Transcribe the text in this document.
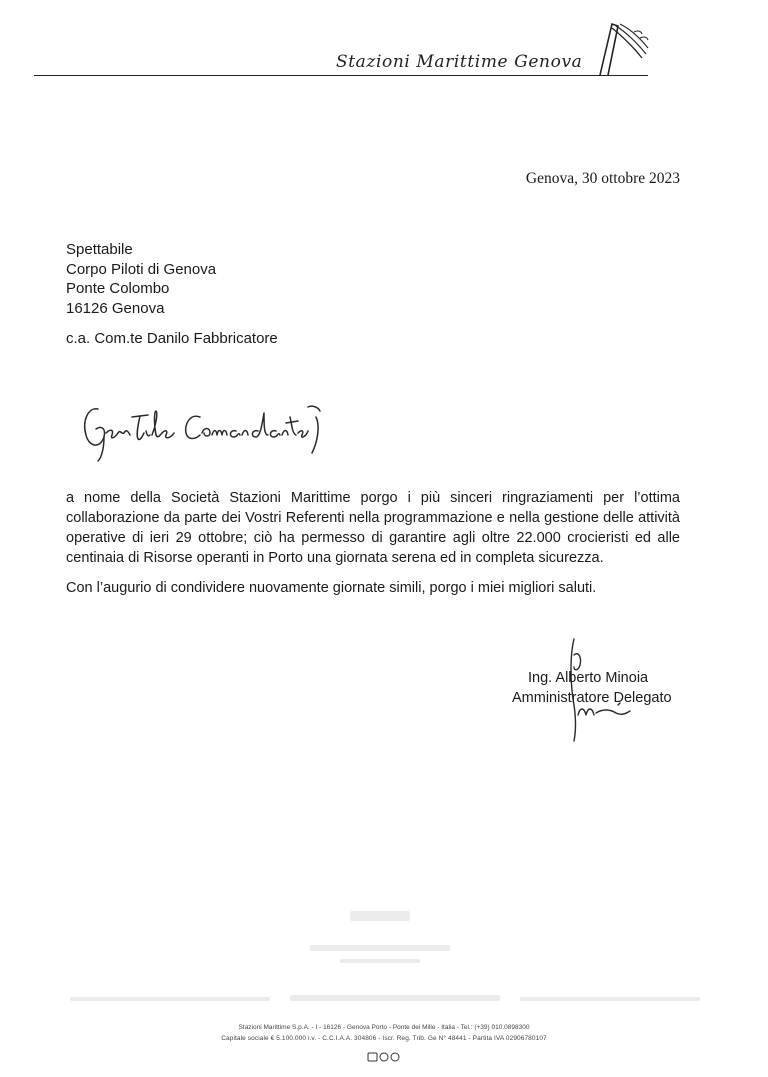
Stazioni Marittime Genova
Genova, 30 ottobre 2023
Spettabile
Corpo Piloti di Genova
Ponte Colombo
16126 Genova
c.a. Com.te Danilo Fabbricatore

a nome della Società Stazioni Marittime porgo i più sinceri ringraziamenti per l’ottima collaborazione da parte dei Vostri Referenti nella programmazione e nella gestione delle attività operative di ieri 29 ottobre; ciò ha permesso di garantire agli oltre 22.000 crocieristi ed alle centinaia di Risorse operanti in Porto una giornata serena ed in completa sicurezza.

Con l’augurio di condividere nuovamente giornate simili, porgo i miei migliori saluti.

Ing. Alberto Minoia
Amministratore Delegato
Stazioni Marittime S.p.A. - I - 16126 - Genova Porto - Ponte dei Mille - Italia - Tel.: (+39) 010.0898300
Capitale sociale € 5.100.000 i.v. - C.C.I.A.A. 304806 - Iscr. Reg. Trib. Ge N° 48441 - Partita IVA 02906780107
